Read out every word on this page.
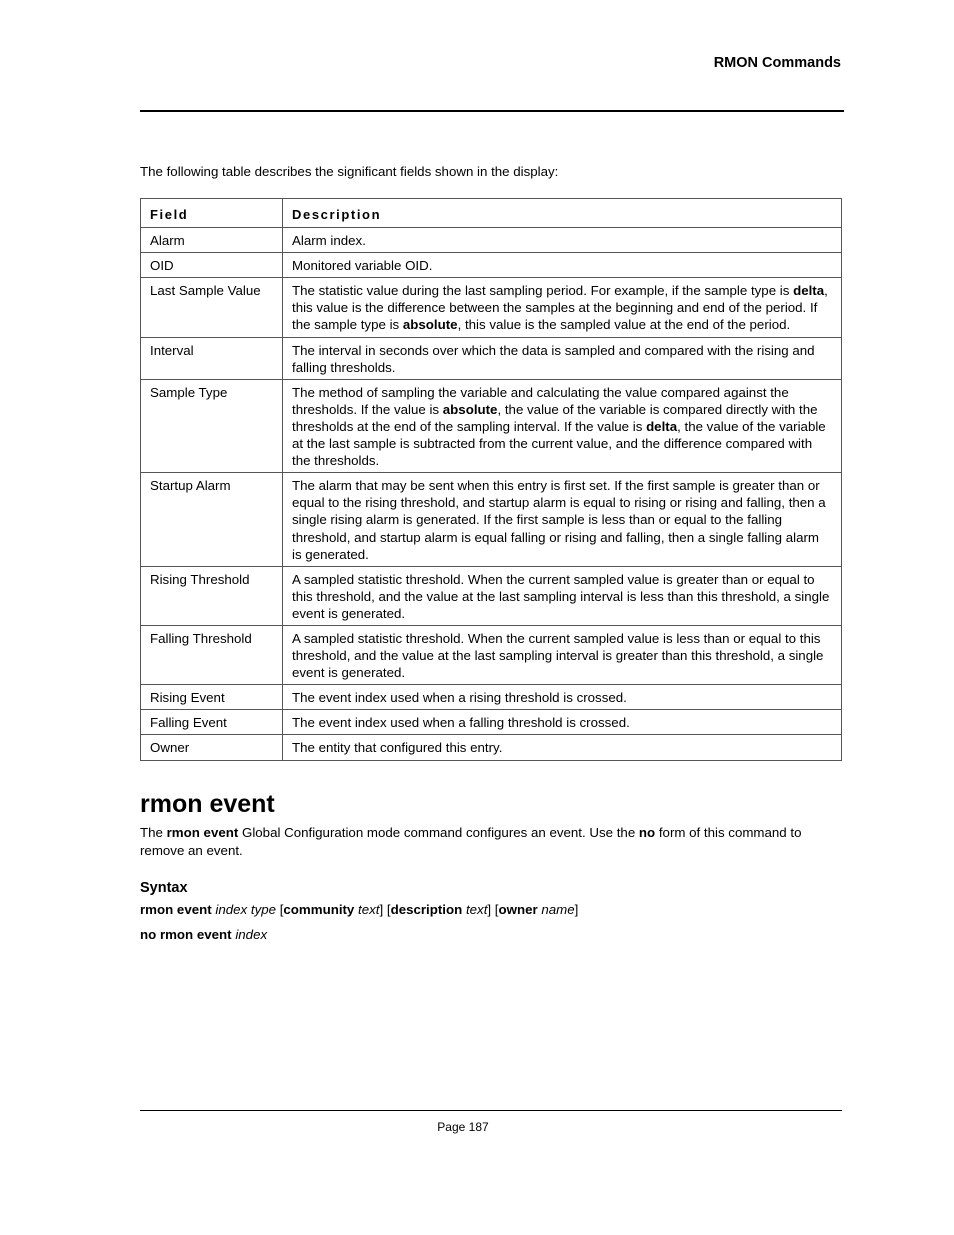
RMON Commands
The following table describes the significant fields shown in the display:
Field	Description
Alarm	Alarm index.
OID	Monitored variable OID.
Last Sample Value	The statistic value during the last sampling period. For example, if the sample type is delta, this value is the difference between the samples at the beginning and end of the period. If the sample type is absolute, this value is the sampled value at the end of the period.
Interval	The interval in seconds over which the data is sampled and compared with the rising and falling thresholds.
Sample Type	The method of sampling the variable and calculating the value compared against the thresholds. If the value is absolute, the value of the variable is compared directly with the thresholds at the end of the sampling interval. If the value is delta, the value of the variable at the last sample is subtracted from the current value, and the difference compared with the thresholds.
Startup Alarm	The alarm that may be sent when this entry is first set. If the first sample is greater than or equal to the rising threshold, and startup alarm is equal to rising or rising and falling, then a single rising alarm is generated. If the first sample is less than or equal to the falling threshold, and startup alarm is equal falling or rising and falling, then a single falling alarm is generated.
Rising Threshold	A sampled statistic threshold. When the current sampled value is greater than or equal to this threshold, and the value at the last sampling interval is less than this threshold, a single event is generated.
Falling Threshold	A sampled statistic threshold. When the current sampled value is less than or equal to this threshold, and the value at the last sampling interval is greater than this threshold, a single event is generated.
Rising Event	The event index used when a rising threshold is crossed.
Falling Event	The event index used when a falling threshold is crossed.
Owner	The entity that configured this entry.
rmon event
The rmon event Global Configuration mode command configures an event. Use the no form of this command to remove an event.
Syntax
rmon event index type [community text] [description text] [owner name]
no rmon event index
Page 187
